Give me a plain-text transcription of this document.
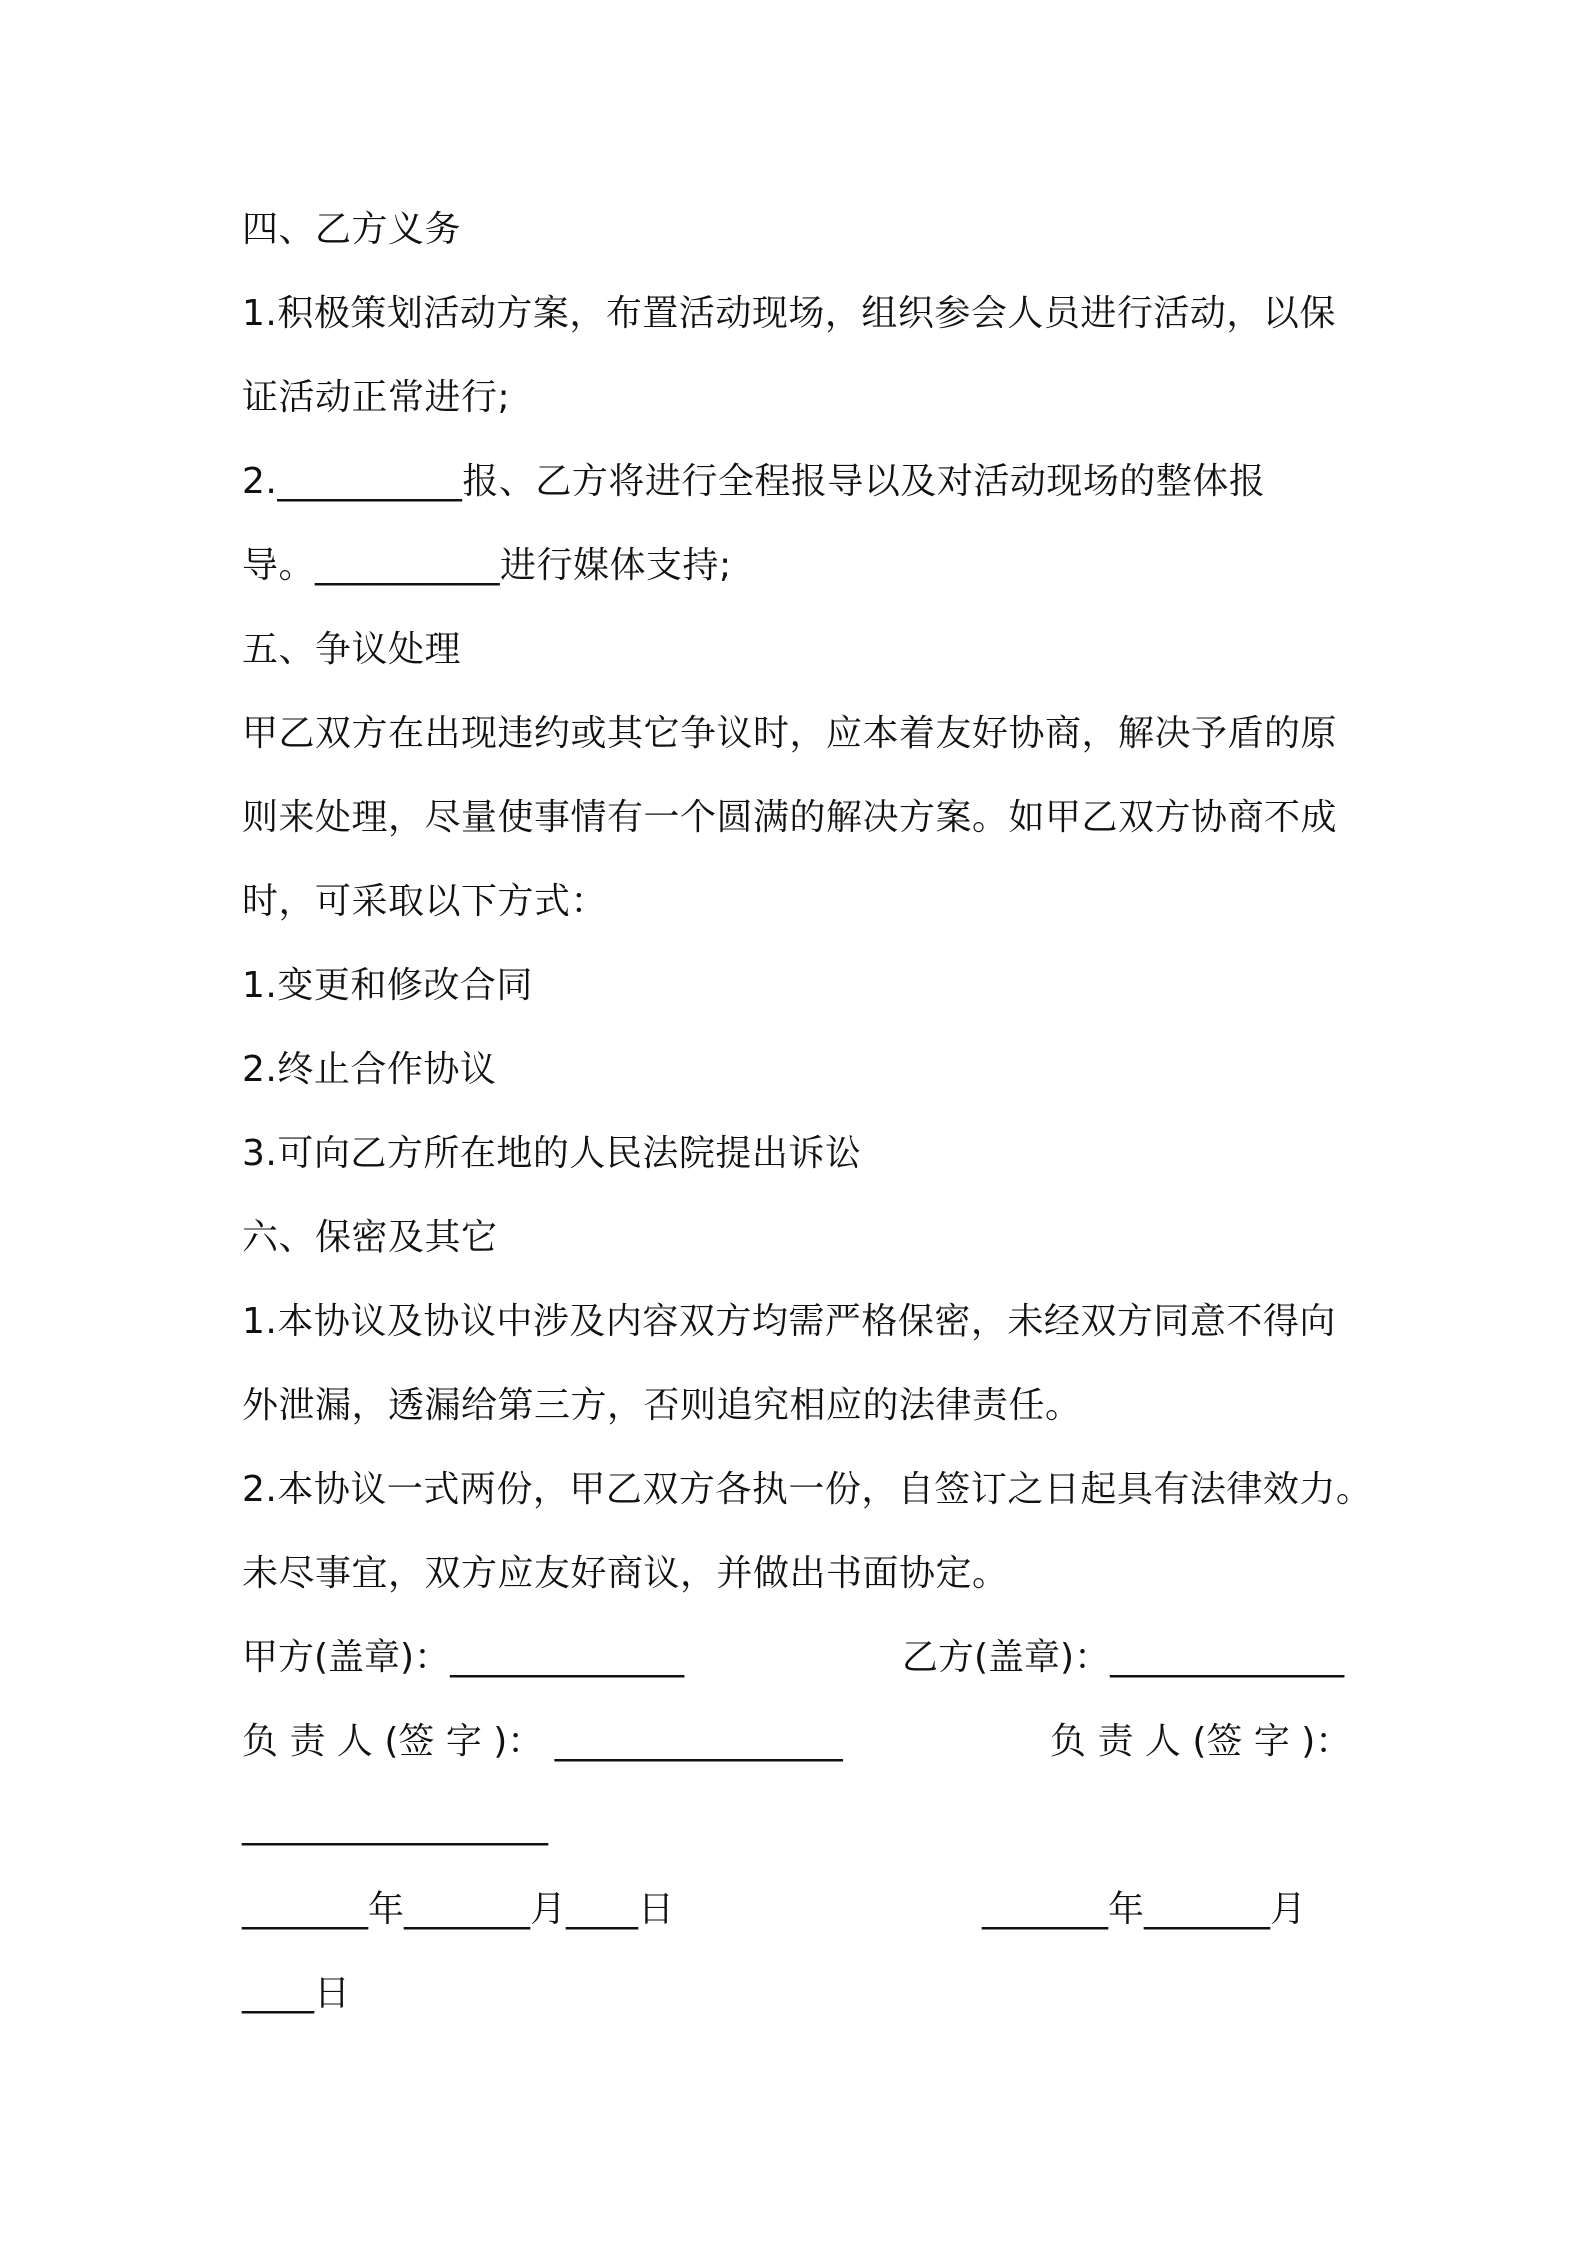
四、乙方义务
1.积极策划活动方案，布置活动现场，组织参会人员进行活动，以保
证活动正常进行;
2.__________报、乙方将进行全程报导以及对活动现场的整体报
导。__________进行媒体支持;
五、争议处理
甲乙双方在出现违约或其它争议时，应本着友好协商，解决予盾的原
则来处理，尽量使事情有一个圆满的解决方案。如甲乙双方协商不成
时，可采取以下方式：
1.变更和修改合同
2.终止合作协议
3.可向乙方所在地的人民法院提出诉讼
六、保密及其它
1.本协议及协议中涉及内容双方均需严格保密，未经双方同意不得向
外泄漏，透漏给第三方，否则追究相应的法律责任。
2.本协议一式两份，甲乙双方各执一份，自签订之日起具有法律效力。
未尽事宜，双方应友好商议，并做出书面协定。
甲方(盖章)：_____________	乙方(盖章)：_____________
负 责 人 (签 字 )： ________________	负 责 人 (签 字 )：
_________________
_______年_______月____日	_______年_______月
____日
